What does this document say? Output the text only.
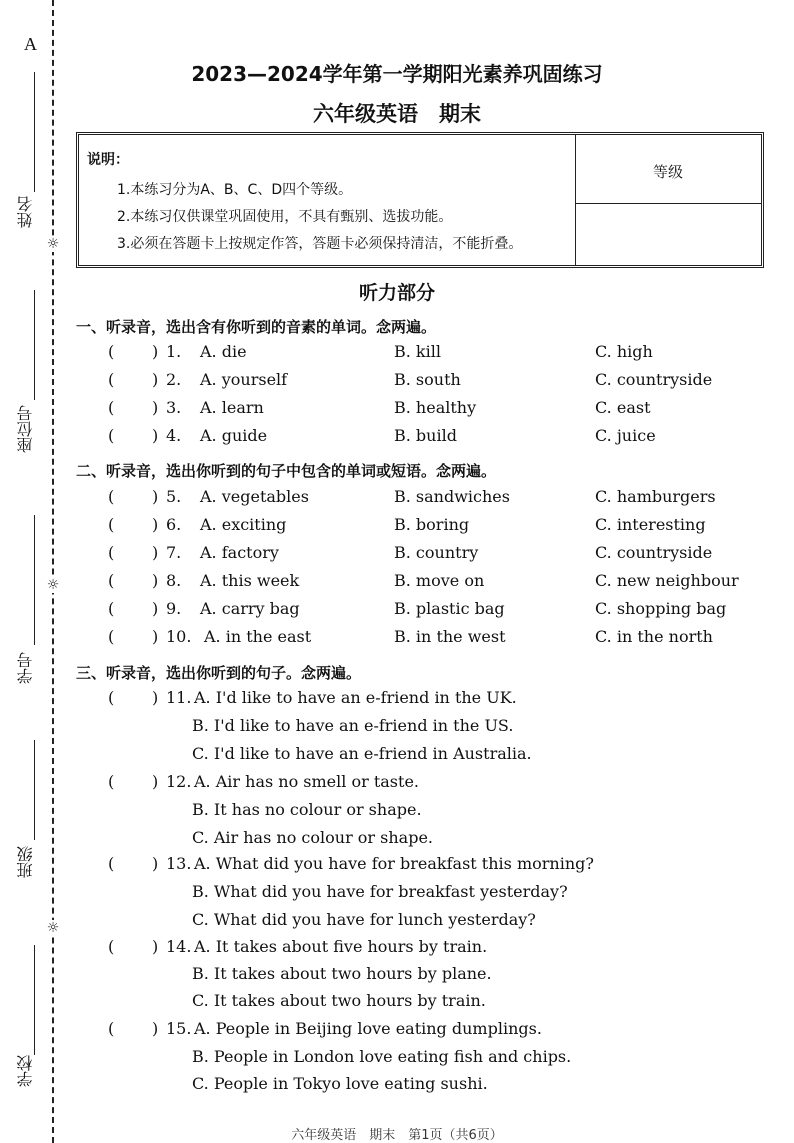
A
姓名
☼
座位号
☼
学号
班级
☼
学校
2023—2024学年第一学期阳光素养巩固练习
六年级英语　期末
说明：
1.本练习分为A、B、C、D四个等级。
2.本练习仅供课堂巩固使用，不具有甄别、选拔功能。
3.必须在答题卡上按规定作答，答题卡必须保持清洁，不能折叠。
等级
听力部分
一、听录音，选出含有你听到的音素的单词。念两遍。
( ) 1. A. die	B. kill	C. high
( ) 2. A. yourself	B. south	C. countryside
( ) 3. A. learn	B. healthy	C. east
( ) 4. A. guide	B. build	C. juice
二、听录音，选出你听到的句子中包含的单词或短语。念两遍。
( ) 5. A. vegetables	B. sandwiches	C. hamburgers
( ) 6. A. exciting	B. boring	C. interesting
( ) 7. A. factory	B. country	C. countryside
( ) 8. A. this week	B. move on	C. new neighbour
( ) 9. A. carry bag	B. plastic bag	C. shopping bag
( ) 10. A. in the east	B. in the west	C. in the north
三、听录音，选出你听到的句子。念两遍。
( ) 11. A. I'd like to have an e-friend in the UK.
B. I'd like to have an e-friend in the US.
C. I'd like to have an e-friend in Australia.
( ) 12. A. Air has no smell or taste.
B. It has no colour or shape.
C. Air has no colour or shape.
( ) 13. A. What did you have for breakfast this morning?
B. What did you have for breakfast yesterday?
C. What did you have for lunch yesterday?
( ) 14. A. It takes about five hours by train.
B. It takes about two hours by plane.
C. It takes about two hours by train.
( ) 15. A. People in Beijing love eating dumplings.
B. People in London love eating fish and chips.
C. People in Tokyo love eating sushi.
六年级英语　期末　第1页（共6页）
